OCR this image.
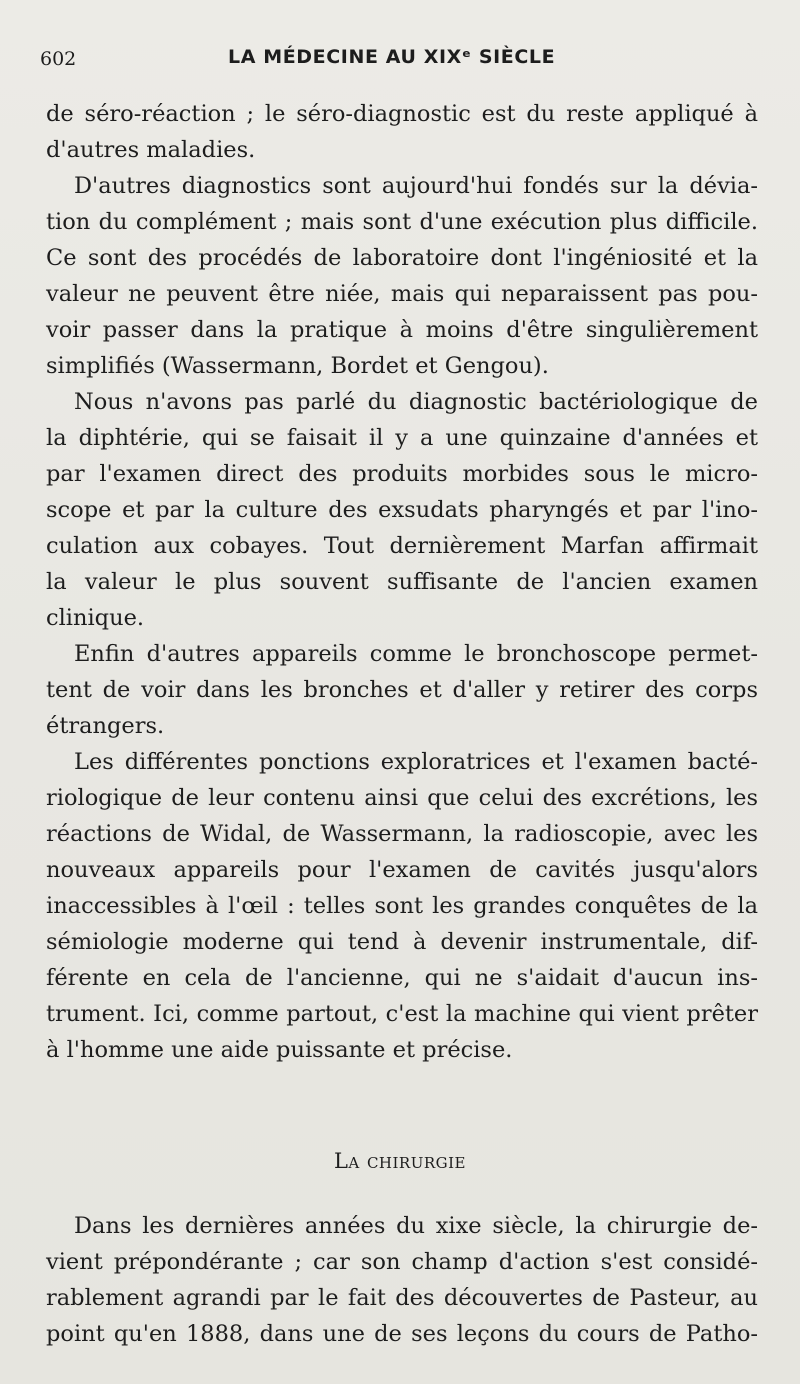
602	LA MÉDECINE AU XIXᵉ SIÈCLE
de séro-réaction ; le séro-diagnostic est du reste appliqué à
d'autres maladies.
D'autres diagnostics sont aujourd'hui fondés sur la dévia-
tion du complément ; mais sont d'une exécution plus difficile.
Ce sont des procédés de laboratoire dont l'ingéniosité et la
valeur ne peuvent être niée, mais qui neparaissent pas pou-
voir passer dans la pratique à moins d'être singulièrement
simplifiés (Wassermann, Bordet et Gengou).
Nous n'avons pas parlé du diagnostic bactériologique de
la diphtérie, qui se faisait il y a une quinzaine d'années et
par l'examen direct des produits morbides sous le micro-
scope et par la culture des exsudats pharyngés et par l'ino-
culation aux cobayes. Tout dernièrement Marfan affirmait
la valeur le plus souvent suffisante de l'ancien examen
clinique.
Enfin d'autres appareils comme le bronchoscope permet-
tent de voir dans les bronches et d'aller y retirer des corps
étrangers.
Les différentes ponctions exploratrices et l'examen bacté-
riologique de leur contenu ainsi que celui des excrétions, les
réactions de Widal, de Wassermann, la radioscopie, avec les
nouveaux appareils pour l'examen de cavités jusqu'alors
inaccessibles à l'œil : telles sont les grandes conquêtes de la
sémiologie moderne qui tend à devenir instrumentale, dif-
férente en cela de l'ancienne, qui ne s'aidait d'aucun ins-
trument. Ici, comme partout, c'est la machine qui vient prêter
à l'homme une aide puissante et précise.
La chirurgie
Dans les dernières années du xixe siècle, la chirurgie de-
vient prépondérante ; car son champ d'action s'est considé-
rablement agrandi par le fait des découvertes de Pasteur, au
point qu'en 1888, dans une de ses leçons du cours de Patho-
